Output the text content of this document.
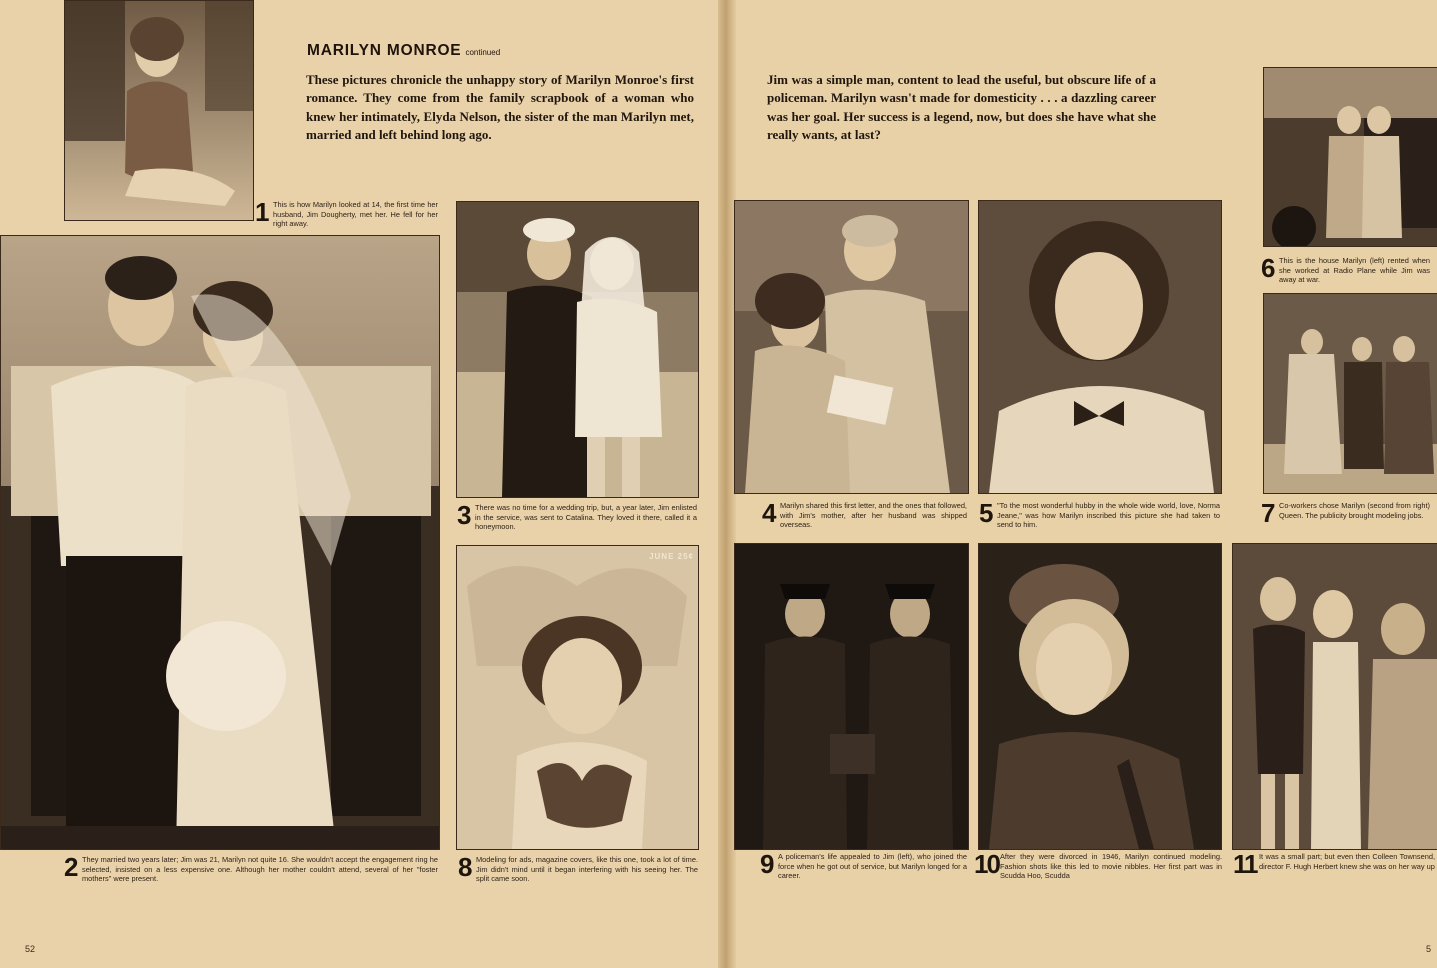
1 This is how Marilyn looked at 14, the first time her husband, Jim Dougherty, met her. He fell for her right away.
MARILYN MONROE continued
These pictures chronicle the unhappy story of Marilyn Monroe's first romance. They come from the family scrapbook of a woman who knew her intimately, Elyda Nelson, the sister of the man Marilyn met, married and left behind long ago.
Jim was a simple man, content to lead the useful, but obscure life of a policeman. Marilyn wasn't made for domesticity . . . a dazzling career was her goal. Her success is a legend, now, but does she have what she really wants, at last?
2 They married two years later; Jim was 21, Marilyn not quite 16. She wouldn't accept the engagement ring he selected, insisted on a less expensive one. Although her mother couldn't attend, several of her "foster mothers" were present.
3 There was no time for a wedding trip, but, a year later, Jim enlisted in the service, was sent to Catalina. They loved it there, called it a honeymoon.
JUNE 25¢
8 Modeling for ads, magazine covers, like this one, took a lot of time. Jim didn't mind until it began interfering with his seeing her. The split came soon.
4 Marilyn shared this first letter, and the ones that followed, with Jim's mother, after her husband was shipped overseas.	5 "To the most wonderful hubby in the whole wide world, love, Norma Jeane," was how Marilyn inscribed this picture she had taken to send to him.
6 This is the house Marilyn (left) rented when she worked at Radio Plane while Jim was away at war.
7 Co-workers chose Marilyn (second from right) Queen. The publicity brought modeling jobs.
9 A policeman's life appealed to Jim (left), who joined the force when he got out of service, but Marilyn longed for a career.	10 After they were divorced in 1946, Marilyn continued modeling. Fashion shots like this led to movie nibbles. Her first part was in Scudda Hoo, Scudda	11 It was a small part; but even then Colleen Townsend, director F. Hugh Herbert knew she was on her way up
52	5
